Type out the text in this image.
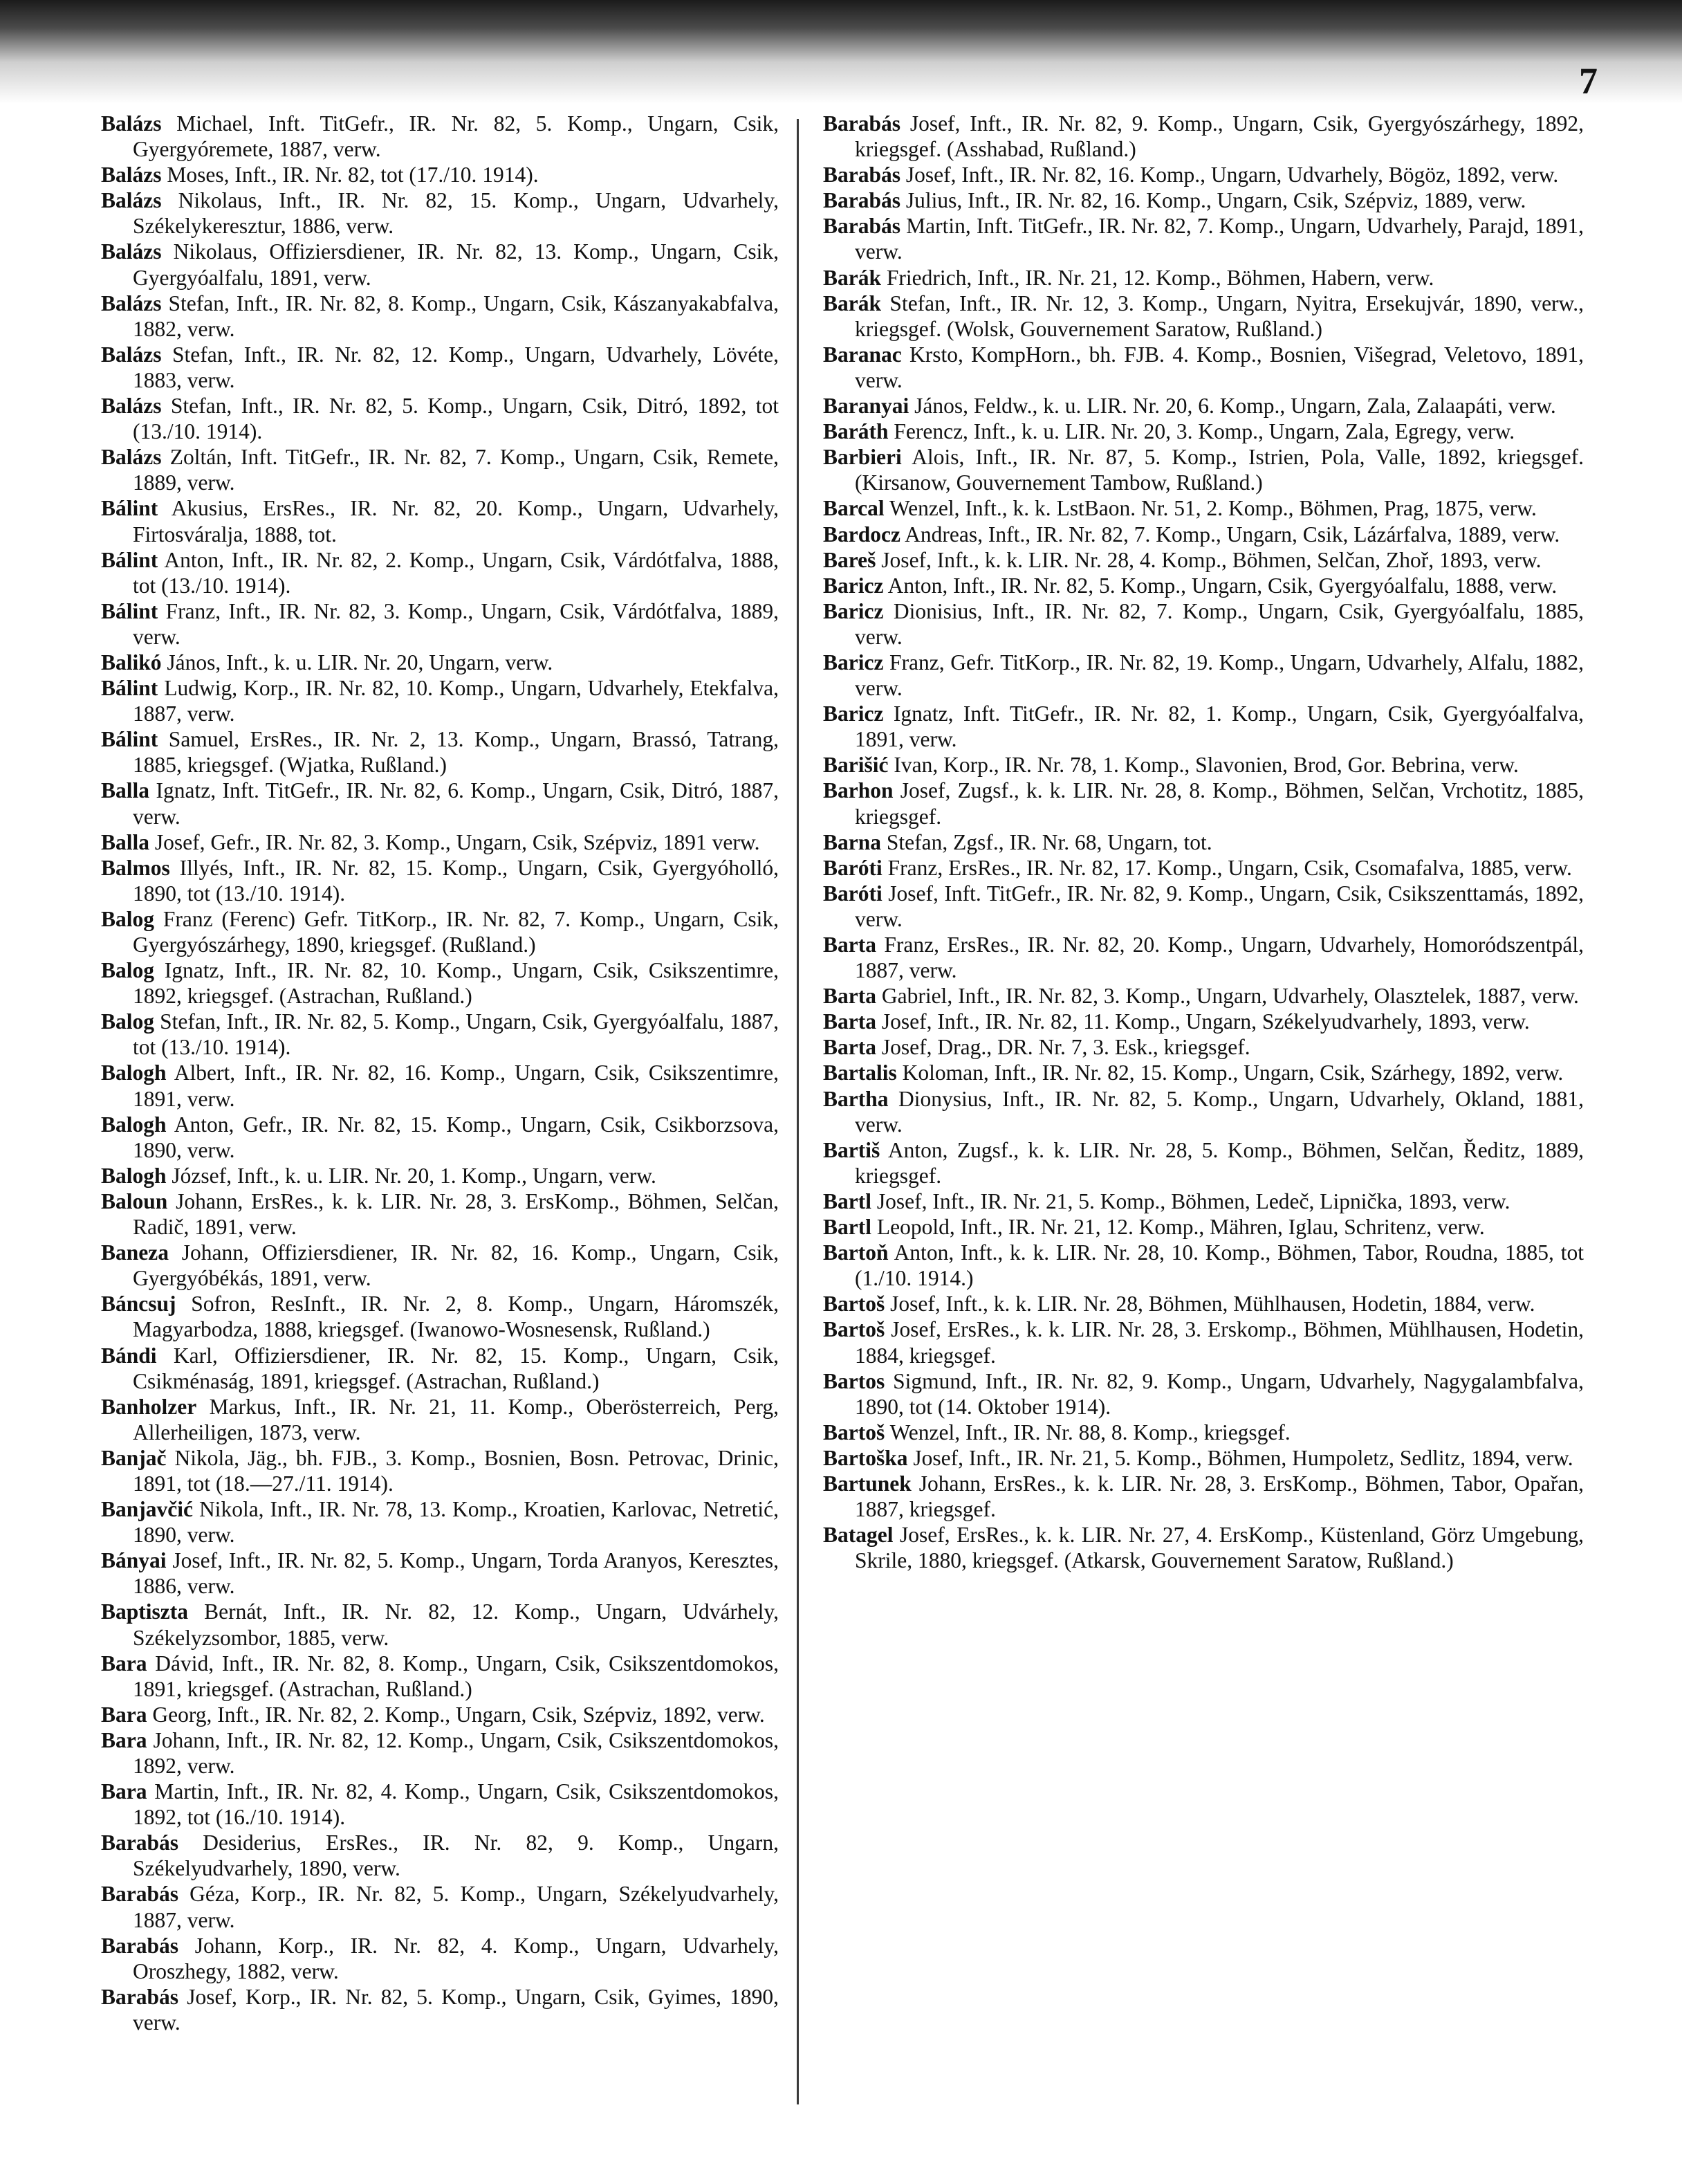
7

Balázs Michael, Inft. TitGefr., IR. Nr. 82, 5. Komp., Ungarn, Csik, Gyergyóremete, 1887, verw.

Balázs Moses, Inft., IR. Nr. 82, tot (17./10. 1914).

Balázs Nikolaus, Inft., IR. Nr. 82, 15. Komp., Ungarn, Udvarhely, Székelykeresztur, 1886, verw.

Balázs Nikolaus, Offiziersdiener, IR. Nr. 82, 13. Komp., Ungarn, Csik, Gyergyóalfalu, 1891, verw.

Balázs Stefan, Inft., IR. Nr. 82, 8. Komp., Ungarn, Csik, Kászanyakabfalva, 1882, verw.

Balázs Stefan, Inft., IR. Nr. 82, 12. Komp., Ungarn, Udvarhely, Lövéte, 1883, verw.

Balázs Stefan, Inft., IR. Nr. 82, 5. Komp., Ungarn, Csik, Ditró, 1892, tot (13./10. 1914).

Balázs Zoltán, Inft. TitGefr., IR. Nr. 82, 7. Komp., Ungarn, Csik, Remete, 1889, verw.

Bálint Akusius, ErsRes., IR. Nr. 82, 20. Komp., Ungarn, Udvarhely, Firtosváralja, 1888, tot.

Bálint Anton, Inft., IR. Nr. 82, 2. Komp., Ungarn, Csik, Várdótfalva, 1888, tot (13./10. 1914).

Bálint Franz, Inft., IR. Nr. 82, 3. Komp., Ungarn, Csik, Várdótfalva, 1889, verw.

Balikó János, Inft., k. u. LIR. Nr. 20, Ungarn, verw.

Bálint Ludwig, Korp., IR. Nr. 82, 10. Komp., Ungarn, Udvarhely, Etekfalva, 1887, verw.

Bálint Samuel, ErsRes., IR. Nr. 2, 13. Komp., Ungarn, Brassó, Tatrang, 1885, kriegsgef. (Wjatka, Rußland.)

Balla Ignatz, Inft. TitGefr., IR. Nr. 82, 6. Komp., Ungarn, Csik, Ditró, 1887, verw.

Balla Josef, Gefr., IR. Nr. 82, 3. Komp., Ungarn, Csik, Szépviz, 1891 verw.

Balmos Illyés, Inft., IR. Nr. 82, 15. Komp., Ungarn, Csik, Gyergyóholló, 1890, tot (13./10. 1914).

Balog Franz (Ferenc) Gefr. TitKorp., IR. Nr. 82, 7. Komp., Ungarn, Csik, Gyergyószárhegy, 1890, kriegsgef. (Rußland.)

Balog Ignatz, Inft., IR. Nr. 82, 10. Komp., Ungarn, Csik, Csikszentimre, 1892, kriegsgef. (Astrachan, Rußland.)

Balog Stefan, Inft., IR. Nr. 82, 5. Komp., Ungarn, Csik, Gyergyóalfalu, 1887, tot (13./10. 1914).

Balogh Albert, Inft., IR. Nr. 82, 16. Komp., Ungarn, Csik, Csikszentimre, 1891, verw.

Balogh Anton, Gefr., IR. Nr. 82, 15. Komp., Ungarn, Csik, Csikborzsova, 1890, verw.

Balogh József, Inft., k. u. LIR. Nr. 20, 1. Komp., Ungarn, verw.

Baloun Johann, ErsRes., k. k. LIR. Nr. 28, 3. ErsKomp., Böhmen, Selčan, Radič, 1891, verw.

Baneza Johann, Offiziersdiener, IR. Nr. 82, 16. Komp., Ungarn, Csik, Gyergyóbékás, 1891, verw.

Báncsuj Sofron, ResInft., IR. Nr. 2, 8. Komp., Ungarn, Háromszék, Magyarbodza, 1888, kriegsgef. (Iwanowo-Wosnesensk, Rußland.)

Bándi Karl, Offiziersdiener, IR. Nr. 82, 15. Komp., Ungarn, Csik, Csikménaság, 1891, kriegsgef. (Astrachan, Rußland.)

Banholzer Markus, Inft., IR. Nr. 21, 11. Komp., Oberösterreich, Perg, Allerheiligen, 1873, verw.

Banjač Nikola, Jäg., bh. FJB., 3. Komp., Bosnien, Bosn. Petrovac, Drinic, 1891, tot (18.—27./11. 1914).

Banjavčić Nikola, Inft., IR. Nr. 78, 13. Komp., Kroatien, Karlovac, Netretić, 1890, verw.

Bányai Josef, Inft., IR. Nr. 82, 5. Komp., Ungarn, Torda Aranyos, Keresztes, 1886, verw.

Baptiszta Bernát, Inft., IR. Nr. 82, 12. Komp., Ungarn, Udvárhely, Székelyzsombor, 1885, verw.

Bara Dávid, Inft., IR. Nr. 82, 8. Komp., Ungarn, Csik, Csikszentdomokos, 1891, kriegsgef. (Astrachan, Rußland.)

Bara Georg, Inft., IR. Nr. 82, 2. Komp., Ungarn, Csik, Szépviz, 1892, verw.

Bara Johann, Inft., IR. Nr. 82, 12. Komp., Ungarn, Csik, Csikszentdomokos, 1892, verw.

Bara Martin, Inft., IR. Nr. 82, 4. Komp., Ungarn, Csik, Csikszentdomokos, 1892, tot (16./10. 1914).

Barabás Desiderius, ErsRes., IR. Nr. 82, 9. Komp., Ungarn, Székelyudvarhely, 1890, verw.

Barabás Géza, Korp., IR. Nr. 82, 5. Komp., Ungarn, Székelyudvarhely, 1887, verw.

Barabás Johann, Korp., IR. Nr. 82, 4. Komp., Ungarn, Udvarhely, Oroszhegy, 1882, verw.

Barabás Josef, Korp., IR. Nr. 82, 5. Komp., Ungarn, Csik, Gyimes, 1890, verw.

Barabás Josef, Inft., IR. Nr. 82, 9. Komp., Ungarn, Csik, Gyergyószárhegy, 1892, kriegsgef. (Asshabad, Rußland.)

Barabás Josef, Inft., IR. Nr. 82, 16. Komp., Ungarn, Udvarhely, Bögöz, 1892, verw.

Barabás Julius, Inft., IR. Nr. 82, 16. Komp., Ungarn, Csik, Szépviz, 1889, verw.

Barabás Martin, Inft. TitGefr., IR. Nr. 82, 7. Komp., Ungarn, Udvarhely, Parajd, 1891, verw.

Barák Friedrich, Inft., IR. Nr. 21, 12. Komp., Böhmen, Habern, verw.

Barák Stefan, Inft., IR. Nr. 12, 3. Komp., Ungarn, Nyitra, Ersekujvár, 1890, verw., kriegsgef. (Wolsk, Gouvernement Saratow, Rußland.)

Baranac Krsto, KompHorn., bh. FJB. 4. Komp., Bosnien, Višegrad, Veletovo, 1891, verw.

Baranyai János, Feldw., k. u. LIR. Nr. 20, 6. Komp., Ungarn, Zala, Zalaapáti, verw.

Baráth Ferencz, Inft., k. u. LIR. Nr. 20, 3. Komp., Ungarn, Zala, Egregy, verw.

Barbieri Alois, Inft., IR. Nr. 87, 5. Komp., Istrien, Pola, Valle, 1892, kriegsgef. (Kirsanow, Gouvernement Tambow, Rußland.)

Barcal Wenzel, Inft., k. k. LstBaon. Nr. 51, 2. Komp., Böhmen, Prag, 1875, verw.

Bardocz Andreas, Inft., IR. Nr. 82, 7. Komp., Ungarn, Csik, Lázárfalva, 1889, verw.

Bareš Josef, Inft., k. k. LIR. Nr. 28, 4. Komp., Böhmen, Selčan, Zhoř, 1893, verw.

Baricz Anton, Inft., IR. Nr. 82, 5. Komp., Ungarn, Csik, Gyergyóalfalu, 1888, verw.

Baricz Dionisius, Inft., IR. Nr. 82, 7. Komp., Ungarn, Csik, Gyergyóalfalu, 1885, verw.

Baricz Franz, Gefr. TitKorp., IR. Nr. 82, 19. Komp., Ungarn, Udvarhely, Alfalu, 1882, verw.

Baricz Ignatz, Inft. TitGefr., IR. Nr. 82, 1. Komp., Ungarn, Csik, Gyergyóalfalva, 1891, verw.

Barišić Ivan, Korp., IR. Nr. 78, 1. Komp., Slavonien, Brod, Gor. Bebrina, verw.

Barhon Josef, Zugsf., k. k. LIR. Nr. 28, 8. Komp., Böhmen, Selčan, Vrchotitz, 1885, kriegsgef.

Barna Stefan, Zgsf., IR. Nr. 68, Ungarn, tot.

Baróti Franz, ErsRes., IR. Nr. 82, 17. Komp., Ungarn, Csik, Csomafalva, 1885, verw.

Baróti Josef, Inft. TitGefr., IR. Nr. 82, 9. Komp., Ungarn, Csik, Csikszenttamás, 1892, verw.

Barta Franz, ErsRes., IR. Nr. 82, 20. Komp., Ungarn, Udvarhely, Homoródszentpál, 1887, verw.

Barta Gabriel, Inft., IR. Nr. 82, 3. Komp., Ungarn, Udvarhely, Olasztelek, 1887, verw.

Barta Josef, Inft., IR. Nr. 82, 11. Komp., Ungarn, Székelyudvarhely, 1893, verw.

Barta Josef, Drag., DR. Nr. 7, 3. Esk., kriegsgef.

Bartalis Koloman, Inft., IR. Nr. 82, 15. Komp., Ungarn, Csik, Szárhegy, 1892, verw.

Bartha Dionysius, Inft., IR. Nr. 82, 5. Komp., Ungarn, Udvarhely, Okland, 1881, verw.

Bartiš Anton, Zugsf., k. k. LIR. Nr. 28, 5. Komp., Böhmen, Selčan, Ředitz, 1889, kriegsgef.

Bartl Josef, Inft., IR. Nr. 21, 5. Komp., Böhmen, Ledeč, Lipnička, 1893, verw.

Bartl Leopold, Inft., IR. Nr. 21, 12. Komp., Mähren, Iglau, Schritenz, verw.

Bartoň Anton, Inft., k. k. LIR. Nr. 28, 10. Komp., Böhmen, Tabor, Roudna, 1885, tot (1./10. 1914.)

Bartoš Josef, Inft., k. k. LIR. Nr. 28, Böhmen, Mühlhausen, Hodetin, 1884, verw.

Bartoš Josef, ErsRes., k. k. LIR. Nr. 28, 3. Erskomp., Böhmen, Mühlhausen, Hodetin, 1884, kriegsgef.

Bartos Sigmund, Inft., IR. Nr. 82, 9. Komp., Ungarn, Udvarhely, Nagygalambfalva, 1890, tot (14. Oktober 1914).

Bartoš Wenzel, Inft., IR. Nr. 88, 8. Komp., kriegsgef.

Bartoška Josef, Inft., IR. Nr. 21, 5. Komp., Böhmen, Humpoletz, Sedlitz, 1894, verw.

Bartunek Johann, ErsRes., k. k. LIR. Nr. 28, 3. ErsKomp., Böhmen, Tabor, Opařan, 1887, kriegsgef.

Batagel Josef, ErsRes., k. k. LIR. Nr. 27, 4. ErsKomp., Küstenland, Görz Umgebung, Skrile, 1880, kriegsgef. (Atkarsk, Gouvernement Saratow, Rußland.)
